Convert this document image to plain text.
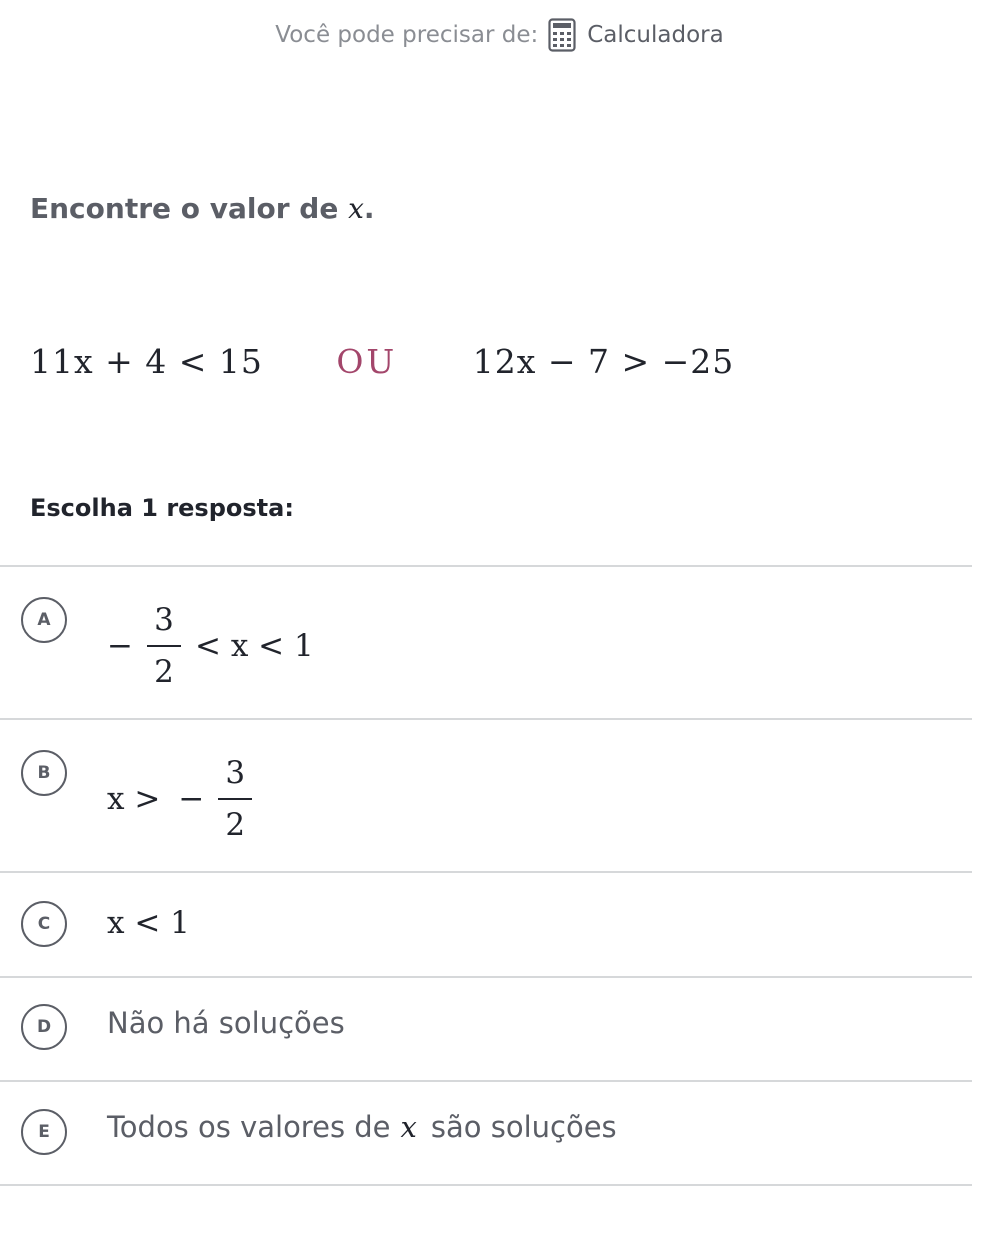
Você pode precisar de: Calculadora
Encontre o valor de x.
11x + 4 < 15 OU 12x − 7 > −25
Escolha 1 resposta:
A
− $\frac{3}{2} < x < 1$
B
x > − $\frac{3}{2}$
C	x < 1
D	Não há soluções
E	Todos os valores de x são soluções
